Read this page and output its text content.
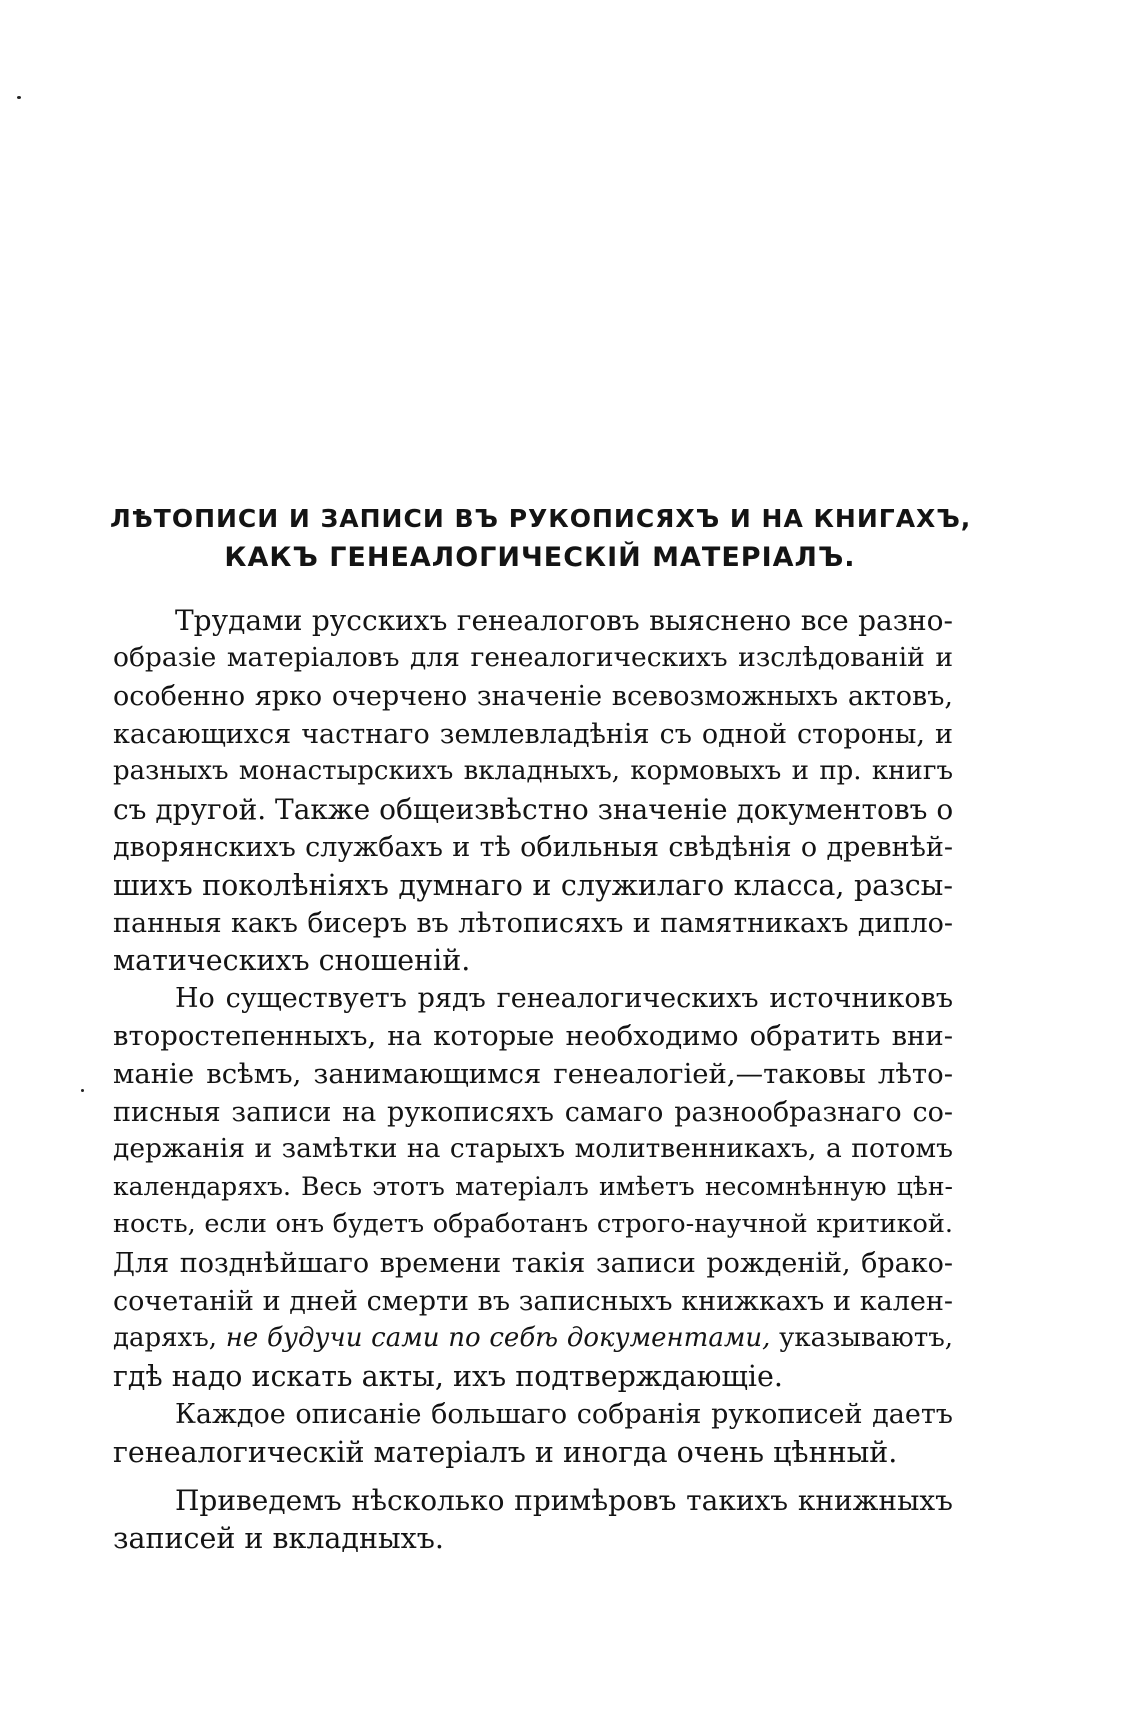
ЛѢТОПИСИ И ЗАПИСИ ВЪ РУКОПИСЯХЪ И НА КНИГАХЪ,
КАКЪ ГЕНЕАЛОГИЧЕСКІЙ МАТЕРІАЛЪ.
Трудами русскихъ генеалоговъ выяснено все разно-
образіе матеріаловъ для генеалогическихъ изслѣдованій и
особенно ярко очерчено значеніе всевозможныхъ актовъ,
касающихся частнаго землевладѣнія съ одной стороны, и
разныхъ монастырскихъ вкладныхъ, кормовыхъ и пр. книгъ
съ другой. Также общеизвѣстно значеніе документовъ о
дворянскихъ службахъ и тѣ обильныя свѣдѣнія о древнѣй-
шихъ поколѣніяхъ думнаго и служилаго класса, разсы-
панныя какъ бисеръ въ лѣтописяхъ и памятникахъ дипло-
матическихъ сношеній.
Но существуетъ рядъ генеалогическихъ источниковъ
второстепенныхъ, на которые необходимо обратить вни-
маніе всѣмъ, занимающимся генеалогіей,—таковы лѣто-
писныя записи на рукописяхъ самаго разнообразнаго со-
держанія и замѣтки на старыхъ молитвенникахъ, а потомъ
календаряхъ. Весь этотъ матеріалъ имѣетъ несомнѣнную цѣн-
ность, если онъ будетъ обработанъ строго-научной критикой.
Для позднѣйшаго времени такія записи рожденій, брако-
сочетаній и дней смерти въ записныхъ книжкахъ и кален-
даряхъ, не будучи сами по себѣ документами, указываютъ,
гдѣ надо искать акты, ихъ подтверждающіе.
Каждое описаніе большаго собранія рукописей даетъ
генеалогическій матеріалъ и иногда очень цѣнный.
Приведемъ нѣсколько примѣровъ такихъ книжныхъ
записей и вкладныхъ.
